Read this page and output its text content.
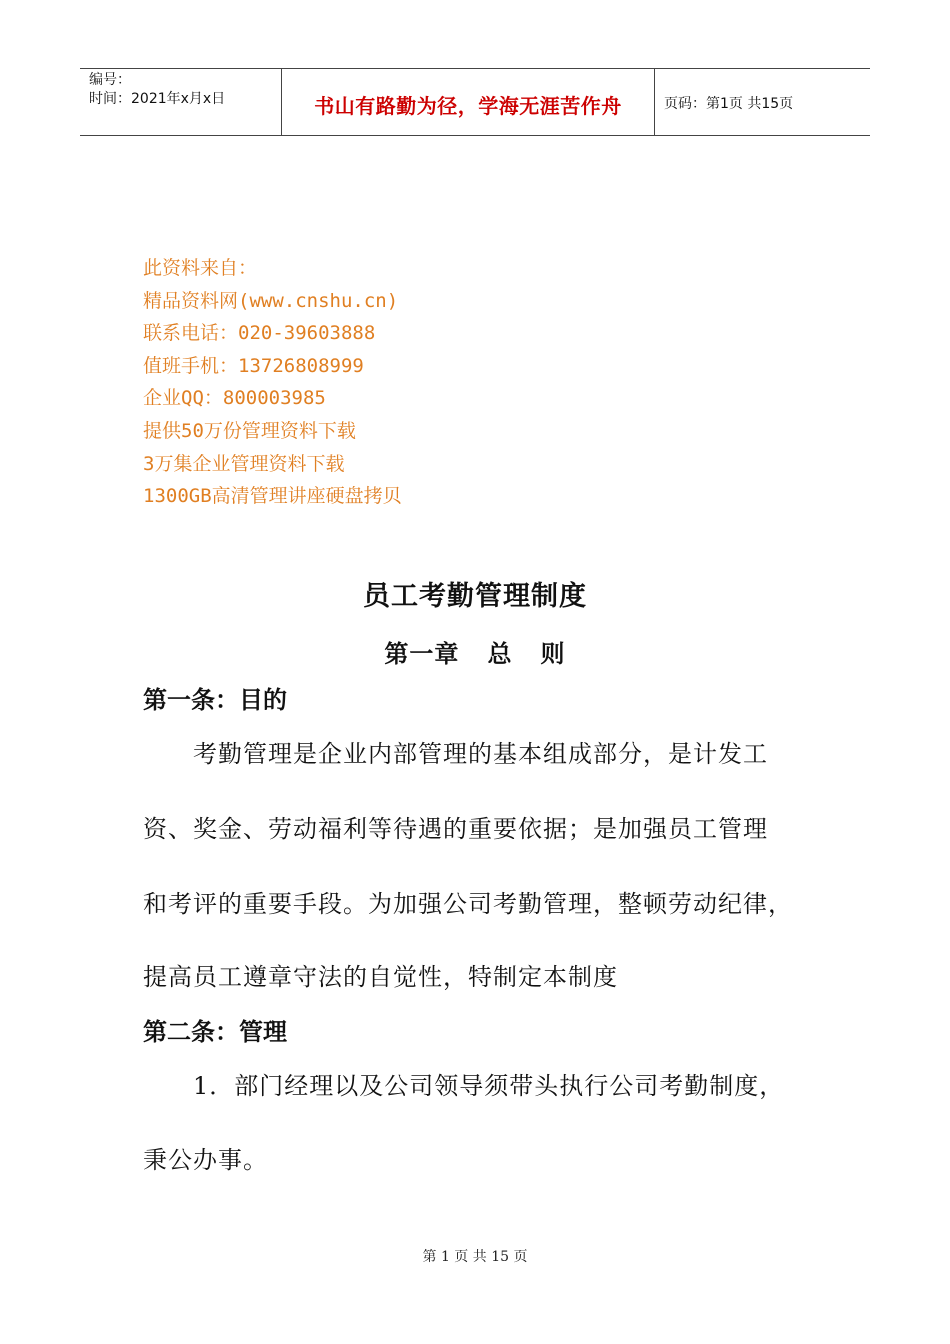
编号：
时间：2021年x月x日	书山有路勤为径，学海无涯苦作舟	页码：第1页 共15页
此资料来自：
精品资料网(www.cnshu.cn)
联系电话：020-39603888
值班手机：13726808999
企业QQ：800003985
提供50万份管理资料下载
3万集企业管理资料下载
1300GB高清管理讲座硬盘拷贝
员工考勤管理制度
第一章   总   则
第一条：目的
考勤管理是企业内部管理的基本组成部分，是计发工
资、奖金、劳动福利等待遇的重要依据；是加强员工管理
和考评的重要手段。为加强公司考勤管理，整顿劳动纪律，
提高员工遵章守法的自觉性，特制定本制度
第二条：管理
1．部门经理以及公司领导须带头执行公司考勤制度，
秉公办事。
第 1 页 共 15 页
